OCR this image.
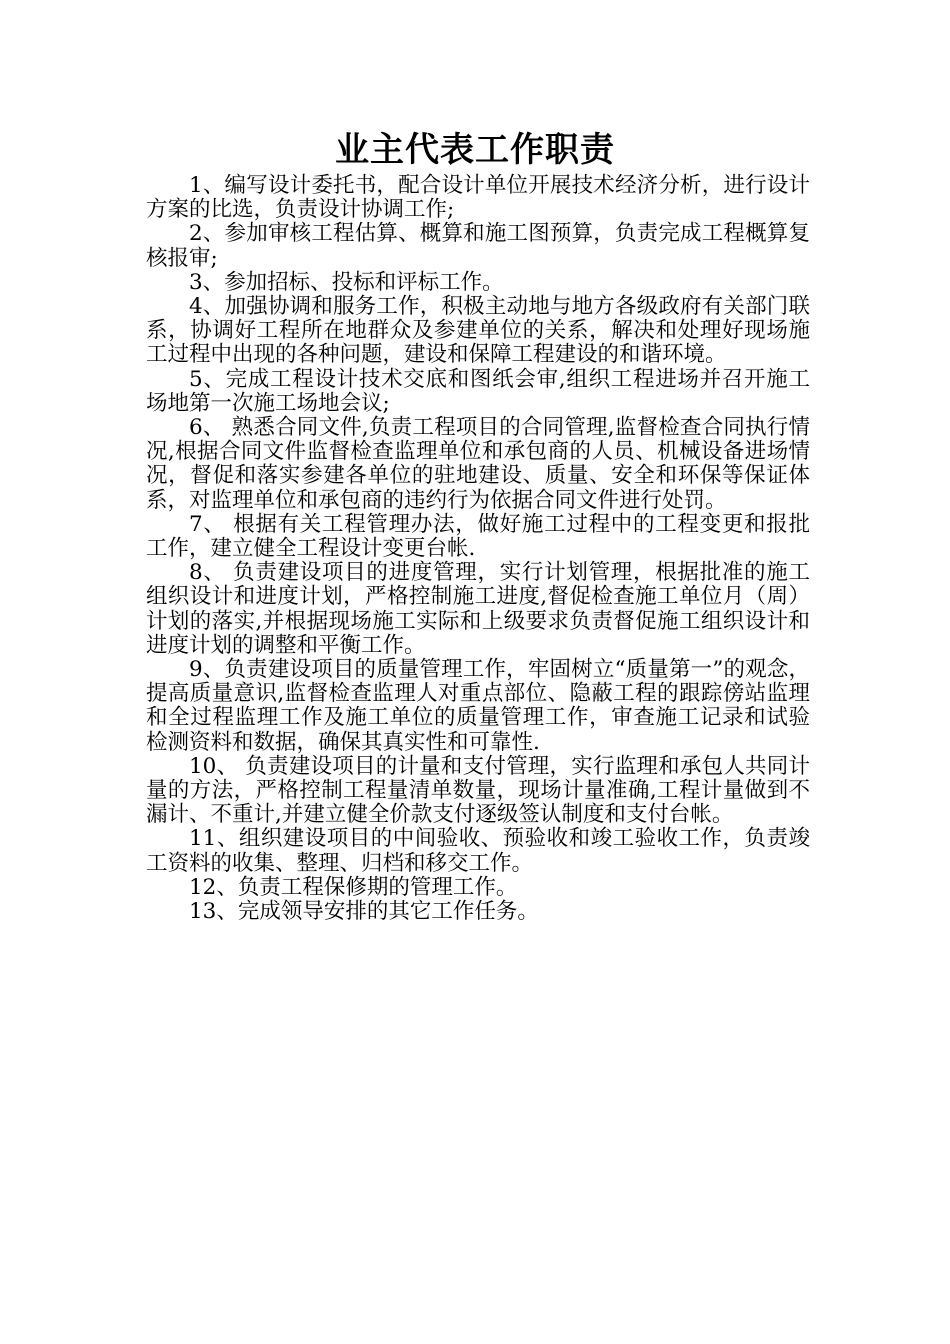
业主代表工作职责

1、编写设计委托书，配合设计单位开展技术经济分析，进行设计方案的比选，负责设计协调工作;

2、参加审核工程估算、概算和施工图预算，负责完成工程概算复核报审;

3、参加招标、投标和评标工作。

4、加强协调和服务工作，积极主动地与地方各级政府有关部门联系，协调好工程所在地群众及参建单位的关系，解决和处理好现场施工过程中出现的各种问题，建设和保障工程建设的和谐环境。

5、完成工程设计技术交底和图纸会审,组织工程进场并召开施工场地第一次施工场地会议;

6、 熟悉合同文件,负责工程项目的合同管理,监督检查合同执行情况,根据合同文件监督检查监理单位和承包商的人员、机械设备进场情况，督促和落实参建各单位的驻地建设、质量、安全和环保等保证体系，对监理单位和承包商的违约行为依据合同文件进行处罚。

7、 根据有关工程管理办法，做好施工过程中的工程变更和报批工作，建立健全工程设计变更台帐.

8、 负责建设项目的进度管理，实行计划管理，根据批准的施工组织设计和进度计划，严格控制施工进度,督促检查施工单位月（周）计划的落实,并根据现场施工实际和上级要求负责督促施工组织设计和进度计划的调整和平衡工作。

9、负责建设项目的质量管理工作，牢固树立“质量第一”的观念，提高质量意识,监督检查监理人对重点部位、隐蔽工程的跟踪傍站监理和全过程监理工作及施工单位的质量管理工作，审查施工记录和试验检测资料和数据，确保其真实性和可靠性.

10、 负责建设项目的计量和支付管理，实行监理和承包人共同计量的方法，严格控制工程量清单数量，现场计量准确,工程计量做到不漏计、不重计,并建立健全价款支付逐级签认制度和支付台帐。

11、组织建设项目的中间验收、预验收和竣工验收工作，负责竣工资料的收集、整理、归档和移交工作。

12、负责工程保修期的管理工作。

13、完成领导安排的其它工作任务。
